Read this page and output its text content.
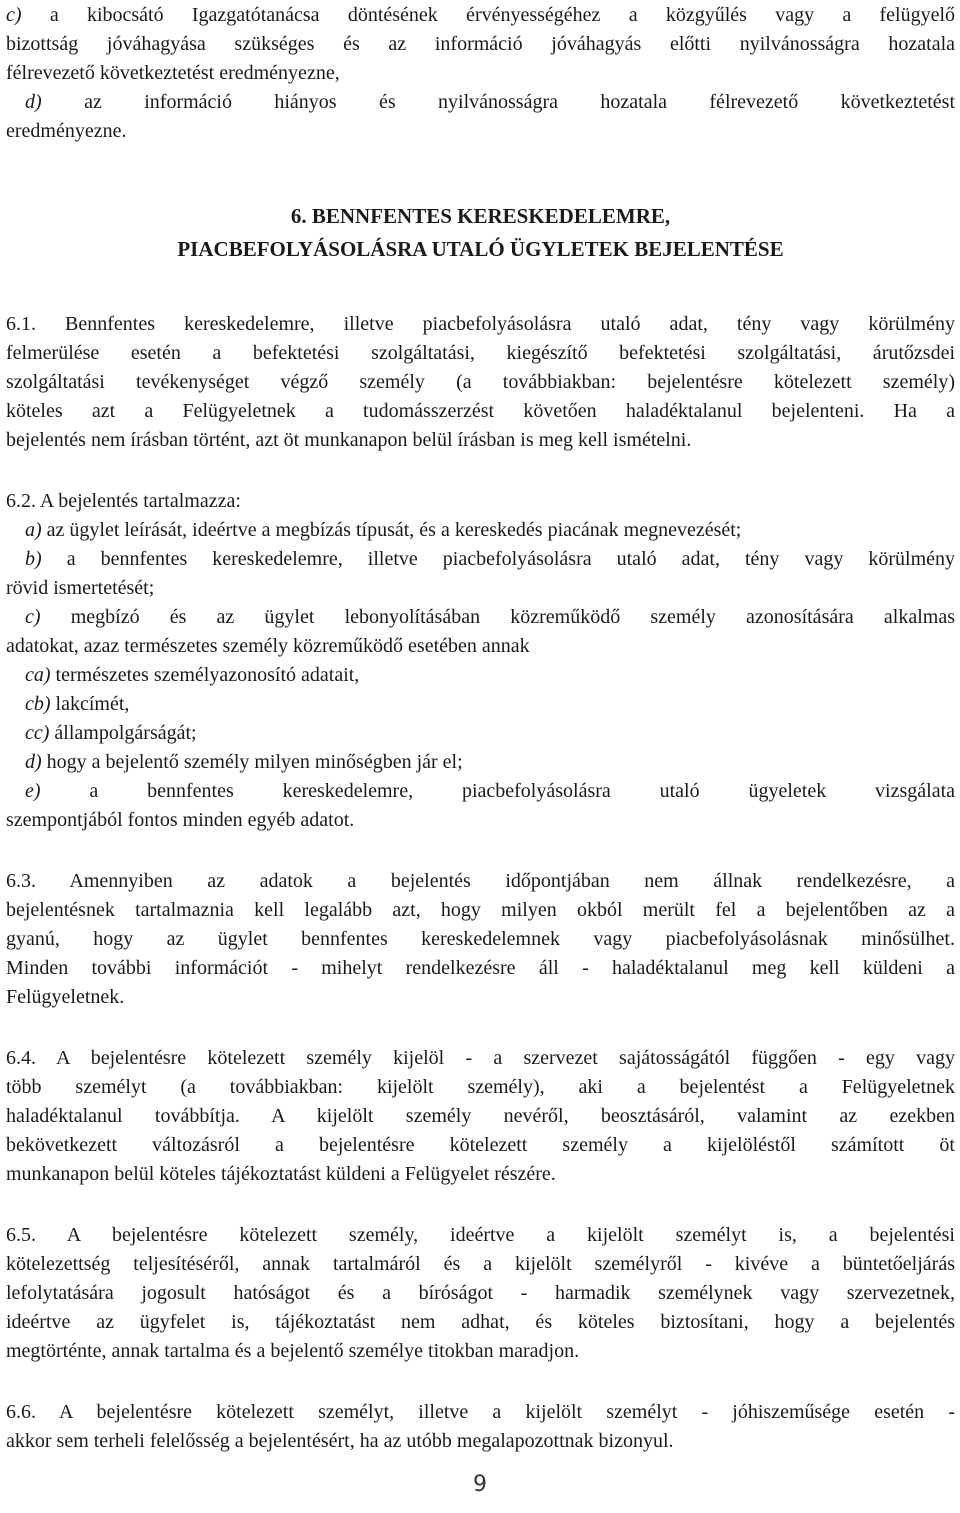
c) a kibocsátó Igazgatótanácsa döntésének érvényességéhez a közgyűlés vagy a felügyelő
bizottság jóváhagyása szükséges és az információ jóváhagyás előtti nyilvánosságra hozatala
félrevezető következtetést eredményezne,
d) az információ hiányos és nyilvánosságra hozatala félrevezető következtetést
eredményezne.
6. BENNFENTES KERESKEDELEMRE,
PIACBEFOLYÁSOLÁSRA UTALÓ ÜGYLETEK BEJELENTÉSE
6.1. Bennfentes kereskedelemre, illetve piacbefolyásolásra utaló adat, tény vagy körülmény
felmerülése esetén a befektetési szolgáltatási, kiegészítő befektetési szolgáltatási, árutőzsdei
szolgáltatási tevékenységet végző személy (a továbbiakban: bejelentésre kötelezett személy)
köteles azt a Felügyeletnek a tudomásszerzést követően haladéktalanul bejelenteni. Ha a
bejelentés nem írásban történt, azt öt munkanapon belül írásban is meg kell ismételni.
6.2. A bejelentés tartalmazza:
a) az ügylet leírását, ideértve a megbízás típusát, és a kereskedés piacának megnevezését;
b) a bennfentes kereskedelemre, illetve piacbefolyásolásra utaló adat, tény vagy körülmény
rövid ismertetését;
c) megbízó és az ügylet lebonyolításában közreműködő személy azonosítására alkalmas
adatokat, azaz természetes személy közreműködő esetében annak
ca) természetes személyazonosító adatait,
cb) lakcímét,
cc) állampolgárságát;
d) hogy a bejelentő személy milyen minőségben jár el;
e) a bennfentes kereskedelemre, piacbefolyásolásra utaló ügyeletek vizsgálata
szempontjából fontos minden egyéb adatot.
6.3. Amennyiben az adatok a bejelentés időpontjában nem állnak rendelkezésre, a
bejelentésnek tartalmaznia kell legalább azt, hogy milyen okból merült fel a bejelentőben az a
gyanú, hogy az ügylet bennfentes kereskedelemnek vagy piacbefolyásolásnak minősülhet.
Minden további információt - mihelyt rendelkezésre áll - haladéktalanul meg kell küldeni a
Felügyeletnek.
6.4. A bejelentésre kötelezett személy kijelöl - a szervezet sajátosságától függően - egy vagy
több személyt (a továbbiakban: kijelölt személy), aki a bejelentést a Felügyeletnek
haladéktalanul továbbítja. A kijelölt személy nevéről, beosztásáról, valamint az ezekben
bekövetkezett változásról a bejelentésre kötelezett személy a kijelöléstől számított öt
munkanapon belül köteles tájékoztatást küldeni a Felügyelet részére.
6.5. A bejelentésre kötelezett személy, ideértve a kijelölt személyt is, a bejelentési
kötelezettség teljesítéséről, annak tartalmáról és a kijelölt személyről - kivéve a büntetőeljárás
lefolytatására jogosult hatóságot és a bíróságot - harmadik személynek vagy szervezetnek,
ideértve az ügyfelet is, tájékoztatást nem adhat, és köteles biztosítani, hogy a bejelentés
megtörténte, annak tartalma és a bejelentő személye titokban maradjon.
6.6. A bejelentésre kötelezett személyt, illetve a kijelölt személyt - jóhiszeműsége esetén -
akkor sem terheli felelősség a bejelentésért, ha az utóbb megalapozottnak bizonyul.
9
